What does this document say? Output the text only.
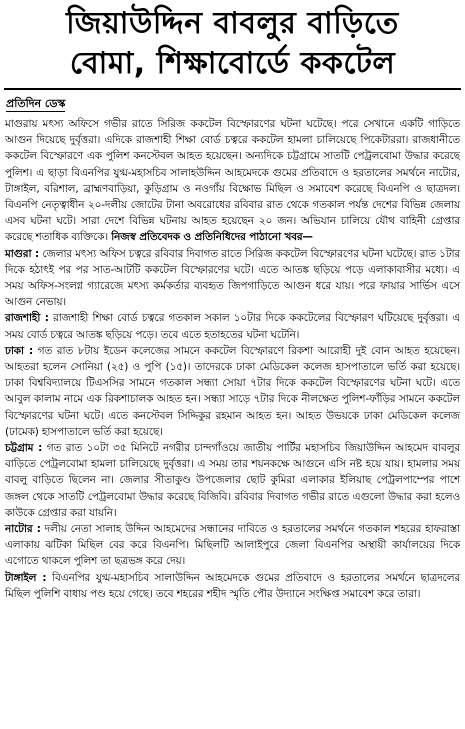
জিয়াউদ্দিন বাবলুর বাড়িতে
বোমা, শিক্ষাবোর্ডে ককটেল
প্রতিদিন ডেস্ক

মাগুরায় মৎস্য অফিসে গভীর রাতে সিরিজ ককটেল বিস্ফোরণের ঘটনা ঘটেছে। পরে সেখানে একটি গাড়িতে আগুন দিয়েছে দুর্বৃত্তরা। এদিকে রাজশাহী শিক্ষা বোর্ড চত্বরে ককটেল হামলা চালিয়েছে পিকেটাররা। রাজধানীতে ককটেল বিস্ফোরণে এক পুলিশ কনস্টেবল আহত হয়েছেন। অন্যদিকে চট্টগ্রামে সাতটি পেট্রলবোমা উদ্ধার করেছে পুলিশ। এ ছাড়া বিএনপির যুগ্ম-মহাসচিব সালাহউদ্দিন আহমেদকে গুমের প্রতিবাদে ও হরতালের সমর্থনে নাটোর, টাঙ্গাইল, বরিশাল, ব্রাহ্মণবাড়িয়া, কুড়িগ্রাম ও নওগাঁয় বিক্ষোভ মিছিল ও সমাবেশ করেছে বিএনপি ও ছাত্রদল। বিএনপি নেতৃত্বাধীন ২০-দলীয় জোটের টানা অবরোধের রবিবার রাত থেকে গতকাল পর্যন্ত দেশের বিভিন্ন জেলায় এসব ঘটনা ঘটে। সারা দেশে বিভিন্ন ঘটনায় আহত হয়েছেন ২০ জন। অভিযান চালিয়ে যৌথ বাহিনী গ্রেপ্তার করেছে শতাধিক ব্যক্তিকে। নিজস্ব প্রতিবেদক ও প্রতিনিধিদের পাঠানো খবর—

মাগুরা : জেলার মৎস্য অফিস চত্বরে রবিবার দিবাগত রাতে সিরিজ ককটেল বিস্ফোরণের ঘটনা ঘটেছে। রাত ১টার দিকে হঠাৎই পর পর সাত-আটটি ককটেল বিস্ফোরণের ঘটে। এতে আতঙ্ক ছড়িয়ে পড়ে এলাকাবাসীর মধ্যে। এ সময় অফিস-সংলগ্ন গ্যারেজে মৎস্য কর্মকর্তার ব্যবহৃত জিপগাড়িতে আগুন ধরে যায়। পরে ফায়ার সার্ভিস এসে আগুন নেভায়।

রাজশাহী : রাজশাহী শিক্ষা বোর্ড চত্বরে গতকাল সকাল ১০টার দিকে ককটেলের বিস্ফোরণ ঘটিয়েছে দুর্বৃত্তরা। এ সময় বোর্ড চত্বরে আতঙ্ক ছড়িয়ে পড়ে। তবে এতে হতাহতের ঘটনা ঘটেনি।

ঢাকা : গত রাত ৮টায় ইডেন কলেজের সামনে ককটেল বিস্ফোরণে রিকশা আরোহী দুই বোন আহত হয়েছেন। আহতরা হলেন সোনিয়া (২৫) ও পুপি (১৫)। তাদেরকে ঢাকা মেডিকেল কলেজ হাসপাতালে ভর্তি করা হয়েছে। ঢাকা বিশ্ববিদ্যালয়ে টিএসসির সামনে গতকাল সন্ধ্যা সোয়া ৭টার দিকে ককটেল বিস্ফোরণের ঘটনা ঘটে। এতে আবুল কালাম নামে এক রিকশাচালক আহত হন। সন্ধ্যা সাড়ে ৭টার দিকে নীলক্ষেত পুলিশ-ফাঁড়ির সামনে ককটেল বিস্ফোরণের ঘটনা ঘটে। এতে কনস্টেবল সিদ্দিকুর রহমান আহত হন। আহত উভয়কে ঢাকা মেডিকেল কলেজ (ঢামেক) হাসপাতালে ভর্তি করা হয়েছে।

চট্টগ্রাম : গত রাত ১০টা ৩৫ মিনিটে নগরীর চান্দগাঁওয়ে জাতীয় পার্টির মহাসচিব জিয়াউদ্দিন আহমেদ বাবলুর বাড়িতে পেট্রলবোমা হামলা চালিয়েছে দুর্বৃত্তরা। এ সময় তার শয়নকক্ষে আগুনে এসি নষ্ট হয়ে যায়। হামলার সময় বাবলু বাড়িতে ছিলেন না। জেলার সীতাকুণ্ড উপজেলার ছোট কুমিরা এলাকার ইলিয়াছ পেট্রলপাম্পের পাশে জঙ্গল থেকে সাতটি পেট্রলবোমা উদ্ধার করেছে বিজিবি। রবিবার দিবাগত গভীর রাতে এগুলো উদ্ধার করা হলেও কাউকে গ্রেপ্তার করা যায়নি।

নাটোর : দলীয় নেতা সালাহ উদ্দিন আহমেদের সন্ধানের দাবিতে ও হরতালের সমর্থনে গতকাল শহরের হাফরাস্তা এলাকায় ঝটিকা মিছিল বের করে বিএনপি। মিছিলটি আলাইপুরে জেলা বিএনপির অস্থায়ী কার্যালয়ের দিকে এগোতে থাকলে পুলিশ তা ছত্রভঙ্গ করে দেয়।

টাঙ্গাইল : বিএনপির যুগ্ম-মহাসচিব সালাউদ্দিন আহমেদকে গুমের প্রতিবাদে ও হরতালের সমর্থনে ছাত্রদলের মিছিল পুলিশি বাধায় পণ্ড হয়ে গেছে। তবে শহরের শহীদ স্মৃতি পৌর উদ্যানে সংক্ষিপ্ত সমাবেশ করে তারা।
